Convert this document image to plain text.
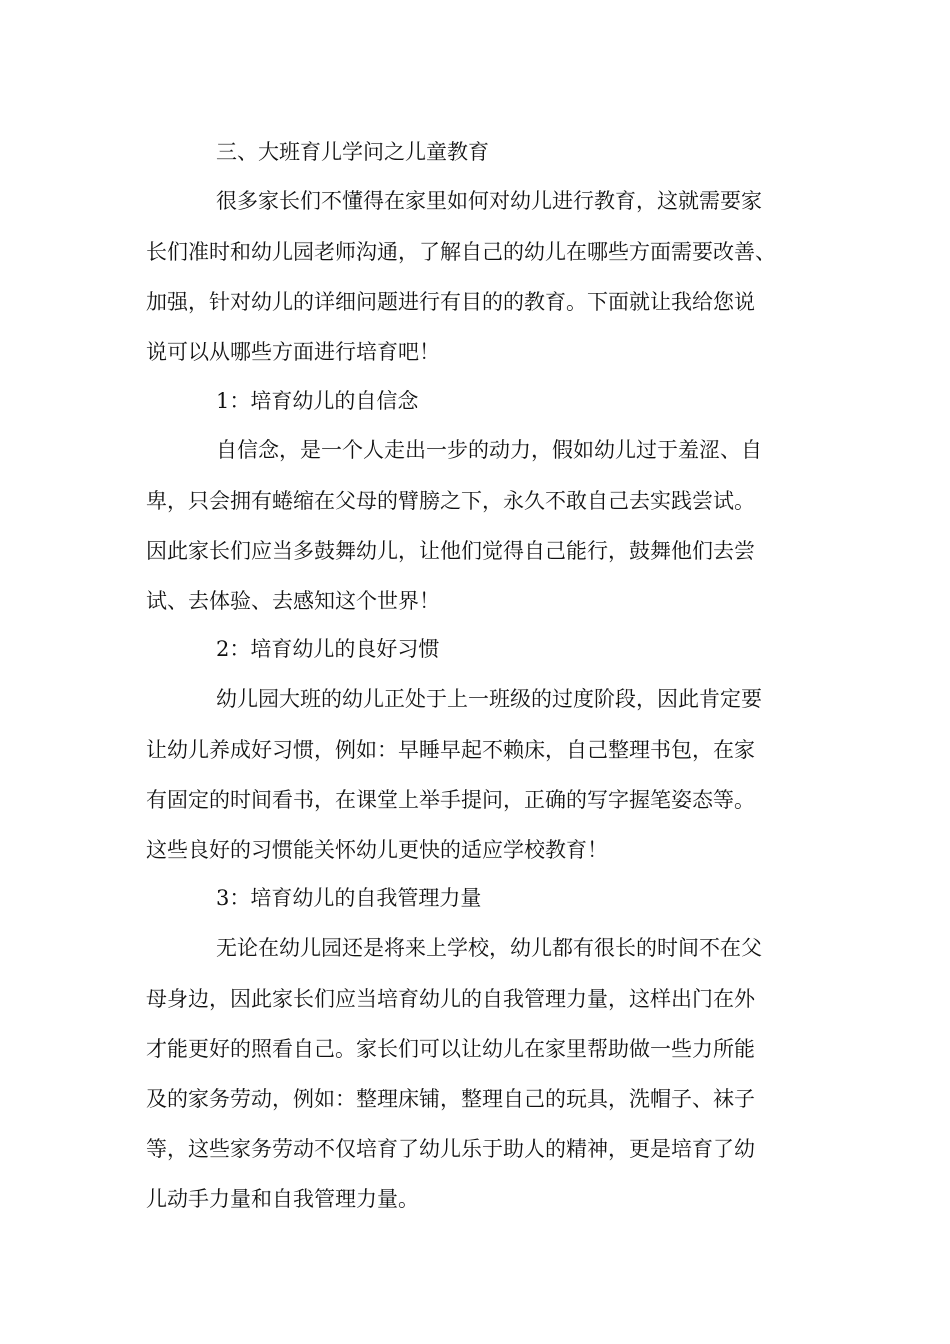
三、大班育儿学问之儿童教育
很多家长们不懂得在家里如何对幼儿进行教育，这就需要家
长们准时和幼儿园老师沟通，了解自己的幼儿在哪些方面需要改善、
加强，针对幼儿的详细问题进行有目的的教育。下面就让我给您说
说可以从哪些方面进行培育吧！
1：培育幼儿的自信念
自信念，是一个人走出一步的动力，假如幼儿过于羞涩、自
卑，只会拥有蜷缩在父母的臂膀之下，永久不敢自己去实践尝试。
因此家长们应当多鼓舞幼儿，让他们觉得自己能行，鼓舞他们去尝
试、去体验、去感知这个世界！
2：培育幼儿的良好习惯
幼儿园大班的幼儿正处于上一班级的过度阶段，因此肯定要
让幼儿养成好习惯，例如：早睡早起不赖床，自己整理书包，在家
有固定的时间看书，在课堂上举手提问，正确的写字握笔姿态等。
这些良好的习惯能关怀幼儿更快的适应学校教育！
3：培育幼儿的自我管理力量
无论在幼儿园还是将来上学校，幼儿都有很长的时间不在父
母身边，因此家长们应当培育幼儿的自我管理力量，这样出门在外
才能更好的照看自己。家长们可以让幼儿在家里帮助做一些力所能
及的家务劳动，例如：整理床铺，整理自己的玩具，洗帽子、袜子
等，这些家务劳动不仅培育了幼儿乐于助人的精神，更是培育了幼
儿动手力量和自我管理力量。
